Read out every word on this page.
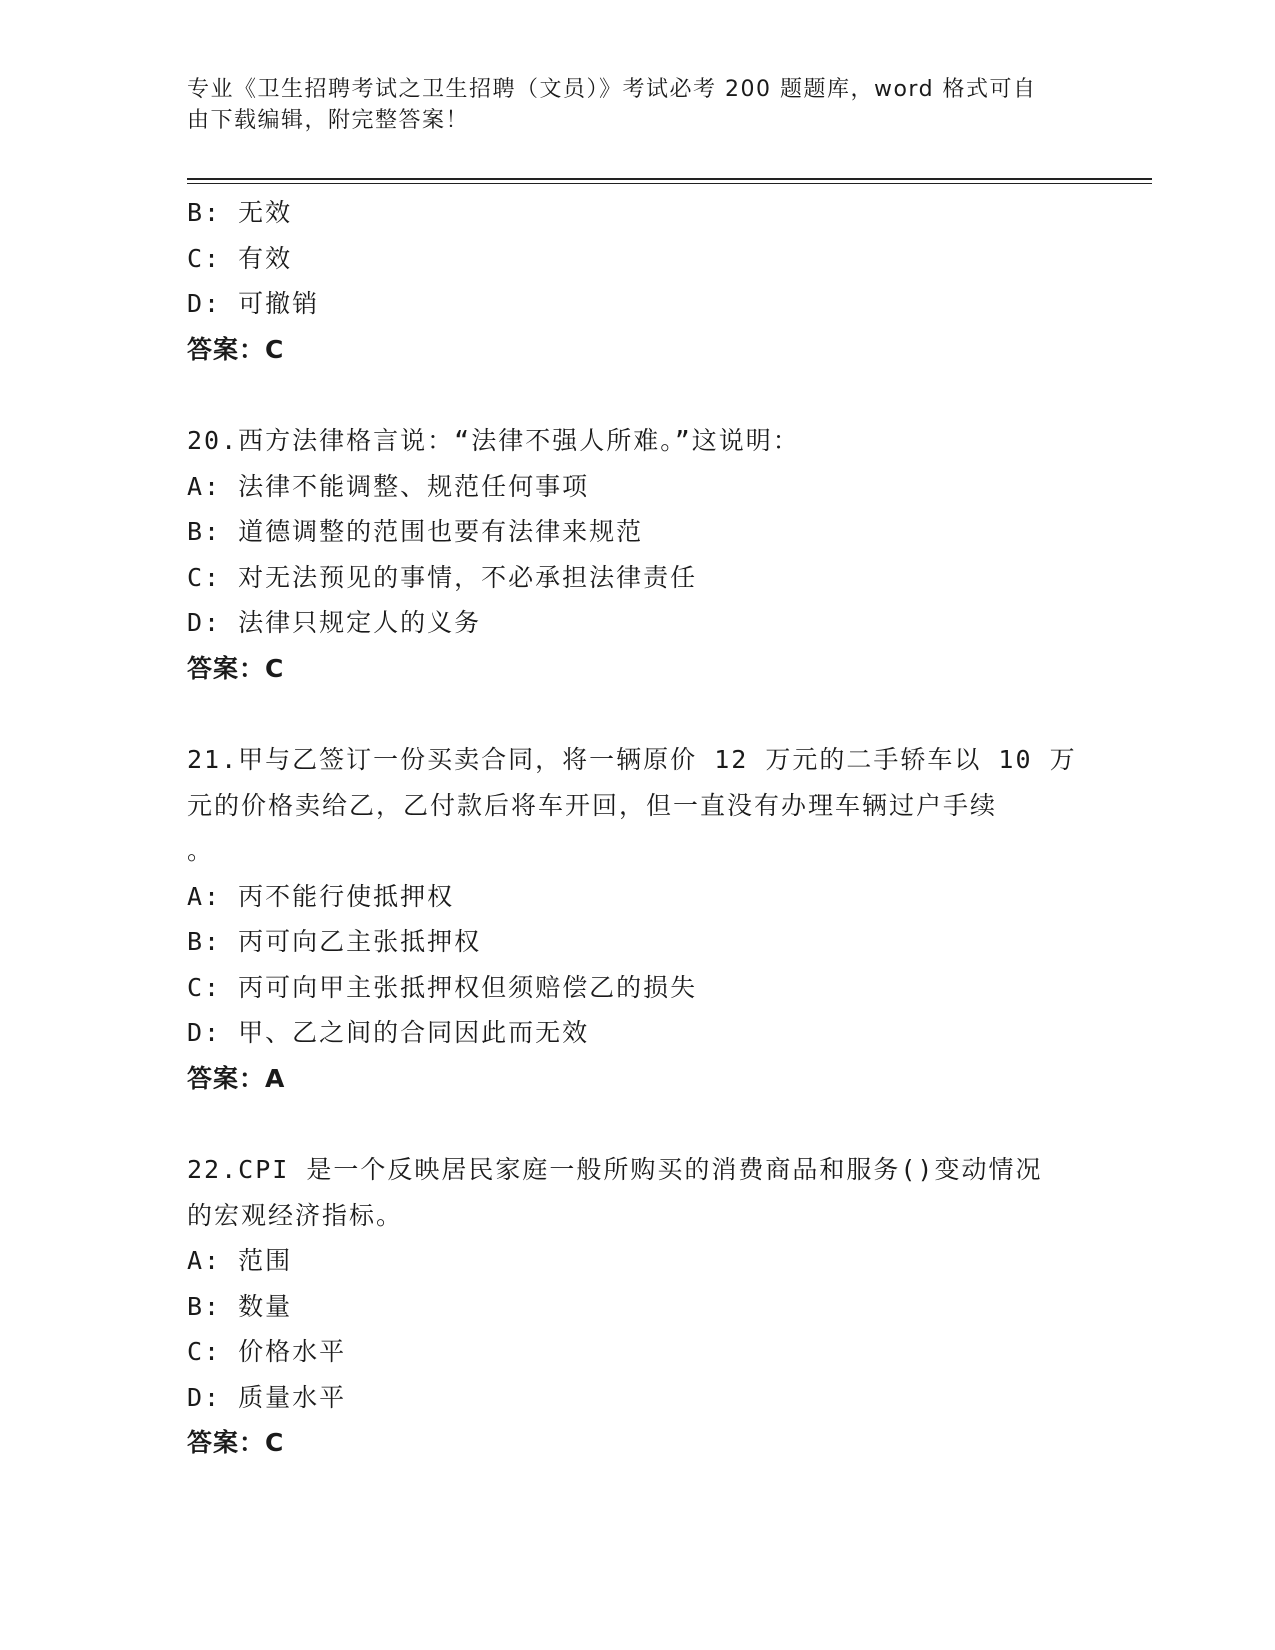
专业《卫生招聘考试之卫生招聘（文员）》考试必考 200 题题库，word 格式可自
由下载编辑，附完整答案！
B: 无效
C: 有效
D: 可撤销
答案：C
20.西方法律格言说：“法律不强人所难。”这说明：
A: 法律不能调整、规范任何事项
B: 道德调整的范围也要有法律来规范
C: 对无法预见的事情，不必承担法律责任
D: 法律只规定人的义务
答案：C
21.甲与乙签订一份买卖合同，将一辆原价 12 万元的二手轿车以 10 万
元的价格卖给乙，乙付款后将车开回，但一直没有办理车辆过户手续
。
A: 丙不能行使抵押权
B: 丙可向乙主张抵押权
C: 丙可向甲主张抵押权但须赔偿乙的损失
D: 甲、乙之间的合同因此而无效
答案：A
22.CPI 是一个反映居民家庭一般所购买的消费商品和服务()变动情况
的宏观经济指标。
A: 范围
B: 数量
C: 价格水平
D: 质量水平
答案：C
